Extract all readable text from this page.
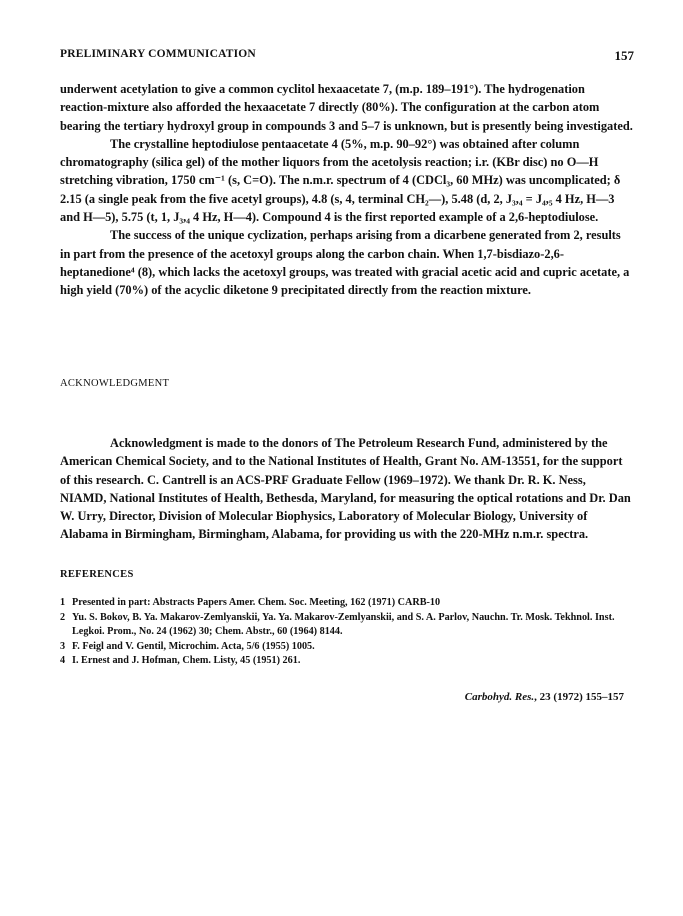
PRELIMINARY COMMUNICATION	157

underwent acetylation to give a common cyclitol hexaacetate 7, (m.p. 189–191°). The hydrogenation reaction-mixture also afforded the hexaacetate 7 directly (80%). The configuration at the carbon atom bearing the tertiary hydroxyl group in compounds 3 and 5–7 is unknown, but is presently being investigated.

The crystalline heptodiulose pentaacetate 4 (5%, m.p. 90–92°) was obtained after column chromatography (silica gel) of the mother liquors from the acetolysis reaction; i.r. (KBr disc) no O—H stretching vibration, 1750 cm⁻¹ (s, C=O). The n.m.r. spectrum of 4 (CDCl₃, 60 MHz) was uncomplicated; δ 2.15 (a single peak from the five acetyl groups), 4.8 (s, 4, terminal CH₂—), 5.48 (d, 2, J₃,₄ = J₄,₅ 4 Hz, H—3 and H—5), 5.75 (t, 1, J₃,₄ 4 Hz, H—4). Compound 4 is the first reported example of a 2,6-heptodiulose.

The success of the unique cyclization, perhaps arising from a dicarbene generated from 2, results in part from the presence of the acetoxyl groups along the carbon chain. When 1,7-bisdiazo-2,6-heptanedione⁴ (8), which lacks the acetoxyl groups, was treated with gracial acetic acid and cupric acetate, a high yield (70%) of the acyclic diketone 9 precipitated directly from the reaction mixture.

ACKNOWLEDGMENT

Acknowledgment is made to the donors of The Petroleum Research Fund, administered by the American Chemical Society, and to the National Institutes of Health, Grant No. AM-13551, for the support of this research. C. Cantrell is an ACS-PRF Graduate Fellow (1969–1972). We thank Dr. R. K. Ness, NIAMD, National Institutes of Health, Bethesda, Maryland, for measuring the optical rotations and Dr. Dan W. Urry, Director, Division of Molecular Biophysics, Laboratory of Molecular Biology, University of Alabama in Birmingham, Birmingham, Alabama, for providing us with the 220-MHz n.m.r. spectra.

REFERENCES
1 Presented in part: Abstracts Papers Amer. Chem. Soc. Meeting, 162 (1971) CARB-10
2 Yu. S. Bokov, B. Ya. Makarov-Zemlyanskii, Ya. Ya. Makarov-Zemlyanskii, and S. A. Parlov, Nauchn. Tr. Mosk. Tekhnol. Inst. Legkoi. Prom., No. 24 (1962) 30; Chem. Abstr., 60 (1964) 8144.
3 F. Feigl and V. Gentil, Microchim. Acta, 5/6 (1955) 1005.
4 I. Ernest and J. Hofman, Chem. Listy, 45 (1951) 261.
Carbohyd. Res., 23 (1972) 155–157
